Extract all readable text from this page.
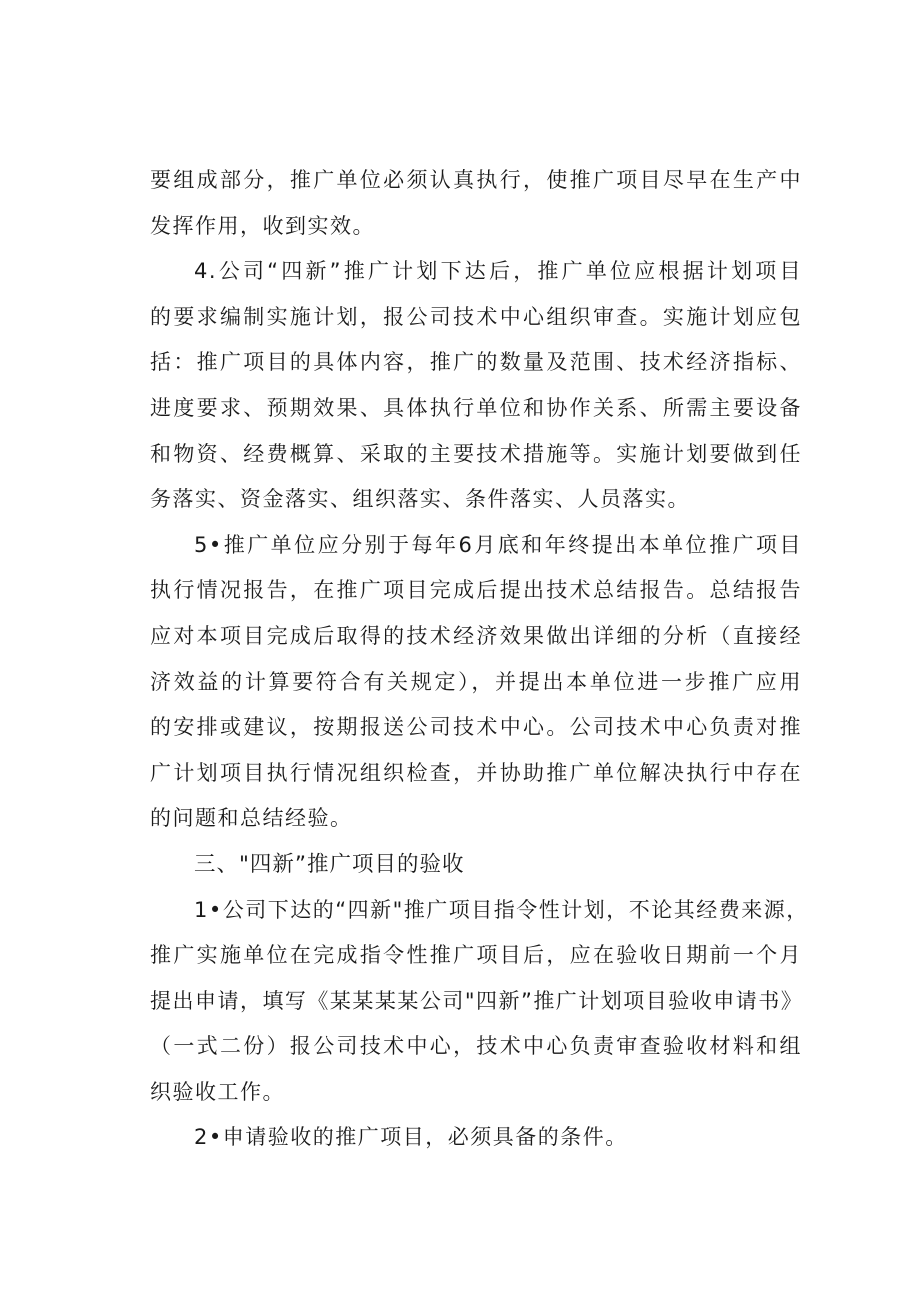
要组成部分，推广单位必须认真执行，使推广项目尽早在生产中
发挥作用，收到实效。

4.公司“四新”推广计划下达后，推广单位应根据计划项目
的要求编制实施计划，报公司技术中心组织审查。实施计划应包
括：推广项目的具体内容，推广的数量及范围、技术经济指标、
进度要求、预期效果、具体执行单位和协作关系、所需主要设备
和物资、经费概算、采取的主要技术措施等。实施计划要做到任
务落实、资金落实、组织落实、条件落实、人员落实。

5•推广单位应分别于每年6月底和年终提出本单位推广项目
执行情况报告，在推广项目完成后提出技术总结报告。总结报告
应对本项目完成后取得的技术经济效果做出详细的分析（直接经
济效益的计算要符合有关规定），并提出本单位进一步推广应用
的安排或建议，按期报送公司技术中心。公司技术中心负责对推
广计划项目执行情况组织检查，并协助推广单位解决执行中存在
的问题和总结经验。

三、"四新”推广项目的验收

1•公司下达的“四新"推广项目指令性计划，不论其经费来源，
推广实施单位在完成指令性推广项目后，应在验收日期前一个月
提出申请，填写《某某某某公司"四新”推广计划项目验收申请书》
（一式二份）报公司技术中心，技术中心负责审查验收材料和组
织验收工作。

2•申请验收的推广项目，必须具备的条件。
